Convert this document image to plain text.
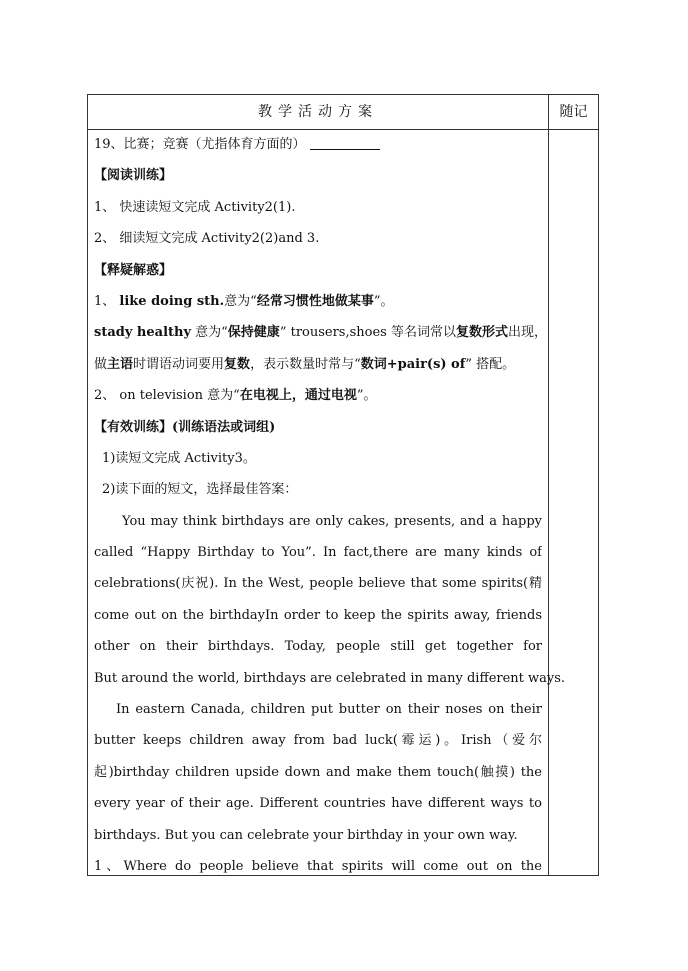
教学活动方案	随记
19、比赛；竞赛（尤指体育方面的）
【阅读训练】
1、 快速读短文完成 Activity2(1).
2、 细读短文完成 Activity2(2)and 3.
【释疑解惑】
1、 like doing sth.意为“经常习惯性地做某事”。
stady healthy 意为“保持健康” trousers,shoes 等名词常以复数形式出现，
做主语时谓语动词要用复数，表示数量时常与“数词+pair(s) of” 搭配。
2、 on television 意为“在电视上，通过电视”。
【有效训练】(训练语法或词组)
1)读短文完成 Activity3。
2)读下面的短文，选择最佳答案：
You may think birthdays are only cakes, presents, and a happy
called “Happy Birthday to You”. In fact,there are many kinds of
celebrations(庆祝). In the West, people believe that some spirits(精
come out on the birthdayIn order to keep the spirits away, friends
other on their birthdays. Today, people still get together for
But around the world, birthdays are celebrated in many different ways.
In eastern Canada, children put butter on their noses on their
butter keeps children away from bad luck(霉运)。Irish（爱尔
起)birthday children upside down and make them touch(触摸) the
every year of their age. Different countries have different ways to
birthdays. But you can celebrate your birthday in your own way.
1、Where do people believe that spirits will come out on the
